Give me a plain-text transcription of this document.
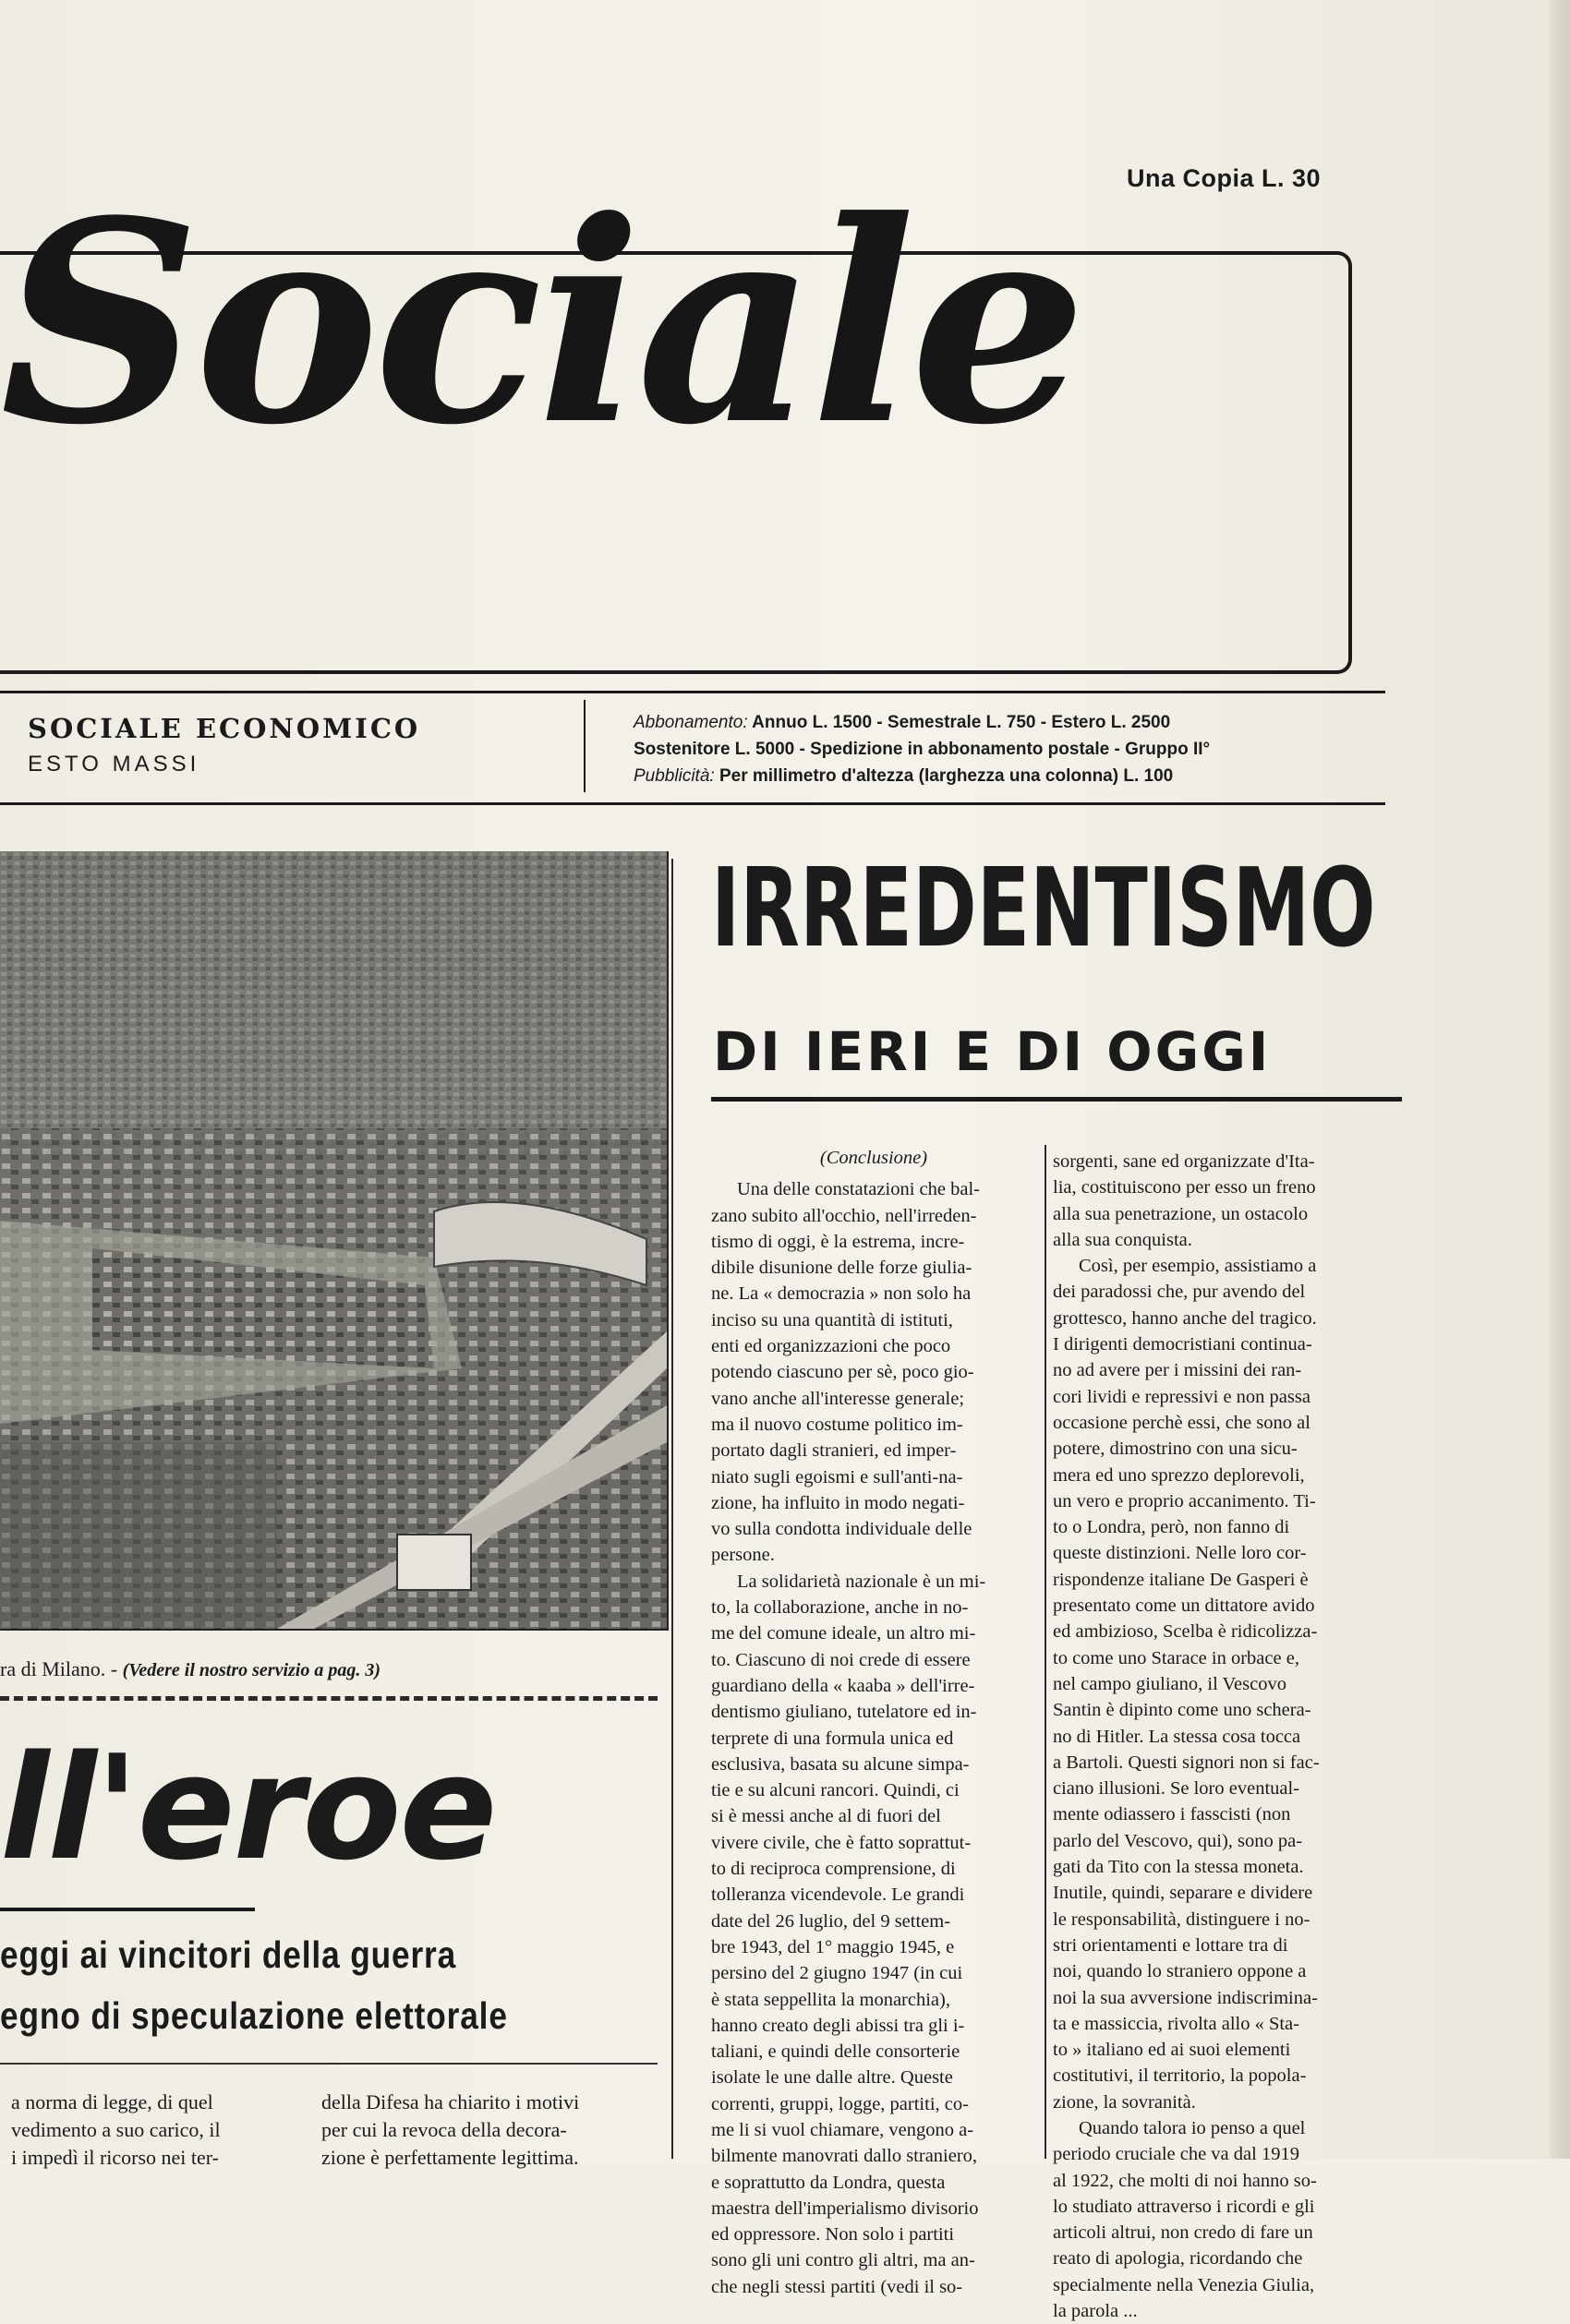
Una Copia L. 30
Sociale
SOCIALE ECONOMICO
ESTO MASSI
Abbonamento: Annuo L. 1500 - Semestrale L. 750 - Estero L. 2500
Sostenitore L. 5000 - Spedizione in abbonamento postale - Gruppo II°
Pubblicità: Per millimetro d'altezza (larghezza una colonna) L. 100
ra di Milano. - (Vedere il nostro servizio a pag. 3)
ll'eroe
eggi ai vincitori della guerra
egno di speculazione elettorale
a norma di legge, di quel
vedimento a suo carico, il
i impedì il ricorso nei ter-
della Difesa ha chiarito i motivi
per cui la revoca della decora-
zione è perfettamente legittima.
IRREDENTISMO
DI IERI E DI OGGI
(Conclusione)
Una delle constatazioni che bal-
zano subito all'occhio, nell'irreden-
tismo di oggi, è la estrema, incre-
dibile disunione delle forze giulia-
ne. La « democrazia » non solo ha
inciso su una quantità di istituti,
enti ed organizzazioni che poco
potendo ciascuno per sè, poco gio-
vano anche all'interesse generale;
ma il nuovo costume politico im-
portato dagli stranieri, ed imper-
niato sugli egoismi e sull'anti-na-
zione, ha influito in modo negati-
vo sulla condotta individuale delle
persone.
La solidarietà nazionale è un mi-
to, la collaborazione, anche in no-
me del comune ideale, un altro mi-
to. Ciascuno di noi crede di essere
guardiano della « kaaba » dell'irre-
dentismo giuliano, tutelatore ed in-
terprete di una formula unica ed
esclusiva, basata su alcune simpa-
tie e su alcuni rancori. Quindi, ci
si è messi anche al di fuori del
vivere civile, che è fatto soprattut-
to di reciproca comprensione, di
tolleranza vicendevole. Le grandi
date del 26 luglio, del 9 settem-
bre 1943, del 1° maggio 1945, e
persino del 2 giugno 1947 (in cui
è stata seppellita la monarchia),
hanno creato degli abissi tra gli i-
taliani, e quindi delle consorterie
isolate le une dalle altre. Queste
correnti, gruppi, logge, partiti, co-
me li si vuol chiamare, vengono a-
bilmente manovrati dallo straniero,
e soprattutto da Londra, questa
maestra dell'imperialismo divisorio
ed oppressore. Non solo i partiti
sono gli uni contro gli altri, ma an-
che negli stessi partiti (vedi il so-
sorgenti, sane ed organizzate d'Ita-
lia, costituiscono per esso un freno
alla sua penetrazione, un ostacolo
alla sua conquista.
Così, per esempio, assistiamo a
dei paradossi che, pur avendo del
grottesco, hanno anche del tragico.
I dirigenti democristiani continua-
no ad avere per i missini dei ran-
cori lividi e repressivi e non passa
occasione perchè essi, che sono al
potere, dimostrino con una sicu-
mera ed uno sprezzo deplorevoli,
un vero e proprio accanimento. Ti-
to o Londra, però, non fanno di
queste distinzioni. Nelle loro cor-
rispondenze italiane De Gasperi è
presentato come un dittatore avido
ed ambizioso, Scelba è ridicolizza-
to come uno Starace in orbace e,
nel campo giuliano, il Vescovo
Santin è dipinto come uno schera-
no di Hitler. La stessa cosa tocca
a Bartoli. Questi signori non si fac-
ciano illusioni. Se loro eventual-
mente odiassero i fasscisti (non
parlo del Vescovo, qui), sono pa-
gati da Tito con la stessa moneta.
Inutile, quindi, separare e dividere
le responsabilità, distinguere i no-
stri orientamenti e lottare tra di
noi, quando lo straniero oppone a
noi la sua avversione indiscrimina-
ta e massiccia, rivolta allo « Sta-
to » italiano ed ai suoi elementi
costitutivi, il territorio, la popola-
zione, la sovranità.
Quando talora io penso a quel
periodo cruciale che va dal 1919
al 1922, che molti di noi hanno so-
lo studiato attraverso i ricordi e gli
articoli altrui, non credo di fare un
reato di apologia, ricordando che
specialmente nella Venezia Giulia,
la parola ...
